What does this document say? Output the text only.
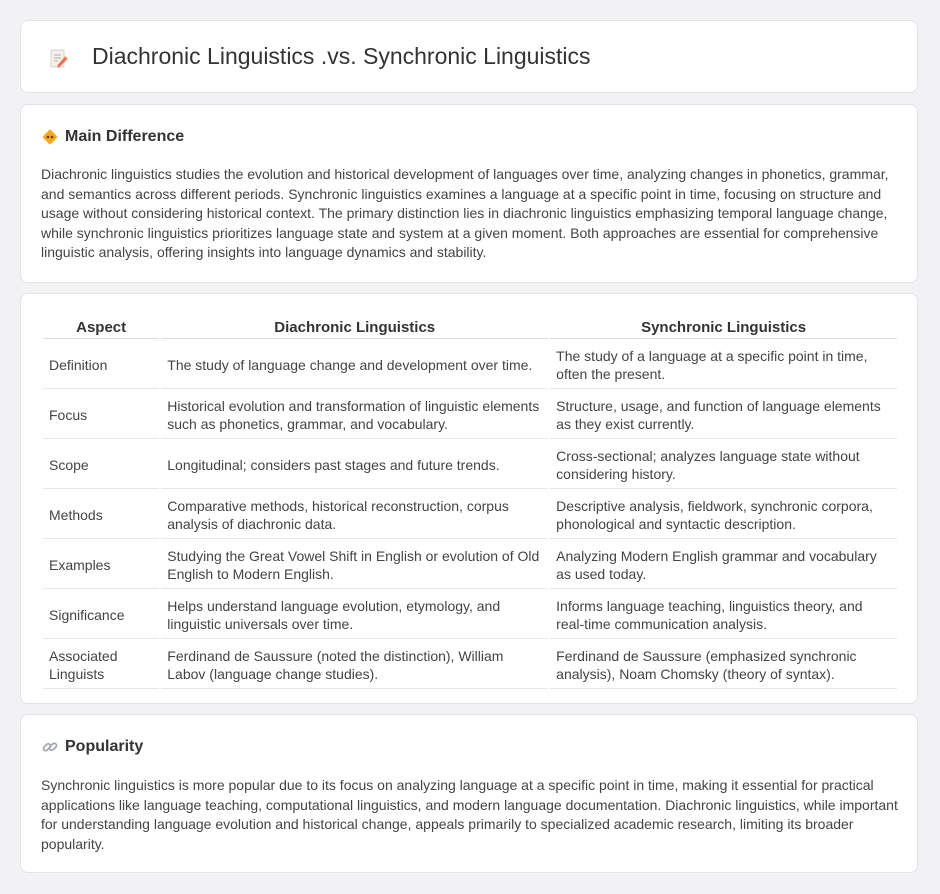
Diachronic Linguistics .vs. Synchronic Linguistics
Main Difference

Diachronic linguistics studies the evolution and historical development of languages over time, analyzing changes in phonetics, grammar, and semantics across different periods. Synchronic linguistics examines a language at a specific point in time, focusing on structure and usage without considering historical context. The primary distinction lies in diachronic linguistics emphasizing temporal language change, while synchronic linguistics prioritizes language state and system at a given moment. Both approaches are essential for comprehensive linguistic analysis, offering insights into language dynamics and stability.

Aspect	Diachronic Linguistics	Synchronic Linguistics
Definition	The study of language change and development over time.	The study of a language at a specific point in time, often the present.
Focus	Historical evolution and transformation of linguistic elements such as phonetics, grammar, and vocabulary.	Structure, usage, and function of language elements as they exist currently.
Scope	Longitudinal; considers past stages and future trends.	Cross-sectional; analyzes language state without considering history.
Methods	Comparative methods, historical reconstruction, corpus analysis of diachronic data.	Descriptive analysis, fieldwork, synchronic corpora, phonological and syntactic description.
Examples	Studying the Great Vowel Shift in English or evolution of Old English to Modern English.	Analyzing Modern English grammar and vocabulary as used today.
Significance	Helps understand language evolution, etymology, and linguistic universals over time.	Informs language teaching, linguistics theory, and real-time communication analysis.
Associated Linguists	Ferdinand de Saussure (noted the distinction), William Labov (language change studies).	Ferdinand de Saussure (emphasized synchronic analysis), Noam Chomsky (theory of syntax).
Popularity

Synchronic linguistics is more popular due to its focus on analyzing language at a specific point in time, making it essential for practical applications like language teaching, computational linguistics, and modern language documentation. Diachronic linguistics, while important for understanding language evolution and historical change, appeals primarily to specialized academic research, limiting its broader popularity.
